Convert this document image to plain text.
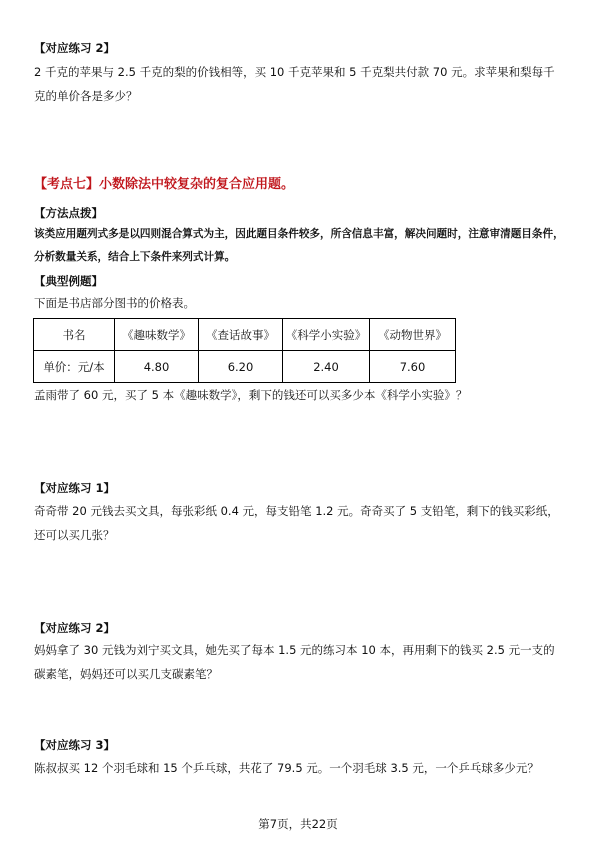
【对应练习 2】
2 千克的苹果与 2.5 千克的梨的价钱相等，买 10 千克苹果和 5 千克梨共付款 70 元。求苹果和梨每千克的单价各是多少？
【考点七】小数除法中较复杂的复合应用题。
【方法点拨】
该类应用题列式多是以四则混合算式为主，因此题目条件较多，所含信息丰富，解决问题时，注意审清题目条件，分析数量关系，结合上下条件来列式计算。
【典型例题】
下面是书店部分图书的价格表。
书名	《趣味数学》	《查话故事》	《科学小实验》	《动物世界》
单价：元/本	4.80	6.20	2.40	7.60
孟雨带了 60 元，买了 5 本《趣味数学》，剩下的钱还可以买多少本《科学小实验》？
【对应练习 1】
奇奇带 20 元钱去买文具，每张彩纸 0.4 元，每支铅笔 1.2 元。奇奇买了 5 支铅笔，剩下的钱买彩纸，还可以买几张？
【对应练习 2】
妈妈拿了 30 元钱为刘宁买文具，她先买了每本 1.5 元的练习本 10 本，再用剩下的钱买 2.5 元一支的碳素笔，妈妈还可以买几支碳素笔？
【对应练习 3】
陈叔叔买 12 个羽毛球和 15 个乒乓球，共花了 79.5 元。一个羽毛球 3.5 元，一个乒乓球多少元？
第7页，共22页
